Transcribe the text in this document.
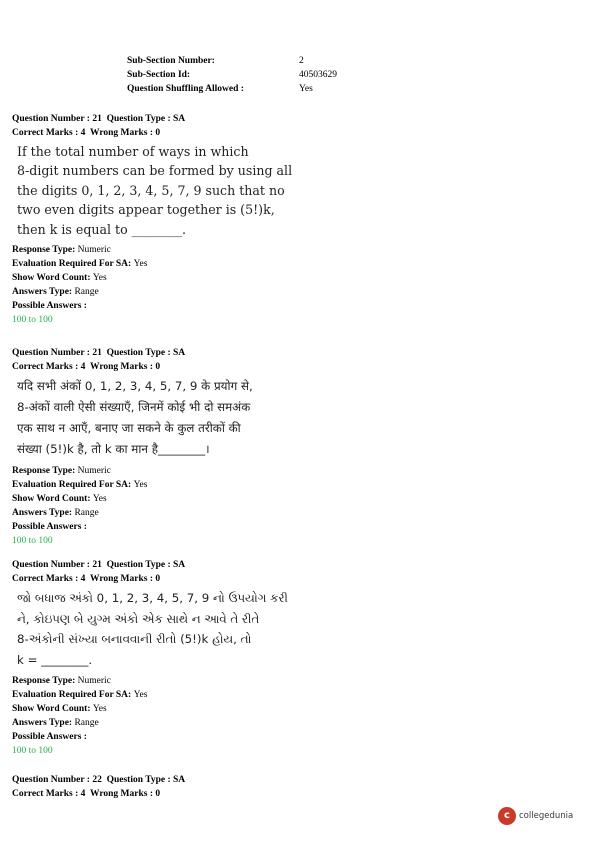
Sub-Section Number:	2
Sub-Section Id:	40503629
Question Shuffling Allowed :	Yes
Question Number : 21 Question Type : SA
Correct Marks : 4 Wrong Marks : 0
If the total number of ways in which
8-digit numbers can be formed by using all
the digits 0, 1, 2, 3, 4, 5, 7, 9 such that no
two even digits appear together is (5!)k,
then k is equal to ________.
Response Type: Numeric
Evaluation Required For SA: Yes
Show Word Count: Yes
Answers Type: Range
Possible Answers :
100 to 100
Question Number : 21 Question Type : SA
Correct Marks : 4 Wrong Marks : 0
यदि सभी अंकों 0, 1, 2, 3, 4, 5, 7, 9 के प्रयोग से,
8-अंकों वाली ऐसी संख्याएँ, जिनमें कोई भी दो समअंक
एक साथ न आएँ, बनाए जा सकने के कुल तरीकों की
संख्या (5!)k है, तो k का मान है________।
Response Type: Numeric
Evaluation Required For SA: Yes
Show Word Count: Yes
Answers Type: Range
Possible Answers :
100 to 100
Question Number : 21 Question Type : SA
Correct Marks : 4 Wrong Marks : 0
જો બધાજ અંકો 0, 1, 2, 3, 4, 5, 7, 9 નો ઉપયોગ કરી
ને, કોઇપણ બે યુગ્મ અંકો એક સાથે ન આવે તે રીતે
8-અંકોની સંખ્યા બનાવવાની રીતો (5!)k હોય, તો
k = ________.
Response Type: Numeric
Evaluation Required For SA: Yes
Show Word Count: Yes
Answers Type: Range
Possible Answers :
100 to 100
Question Number : 22 Question Type : SA
Correct Marks : 4 Wrong Marks : 0
c	collegedunia
